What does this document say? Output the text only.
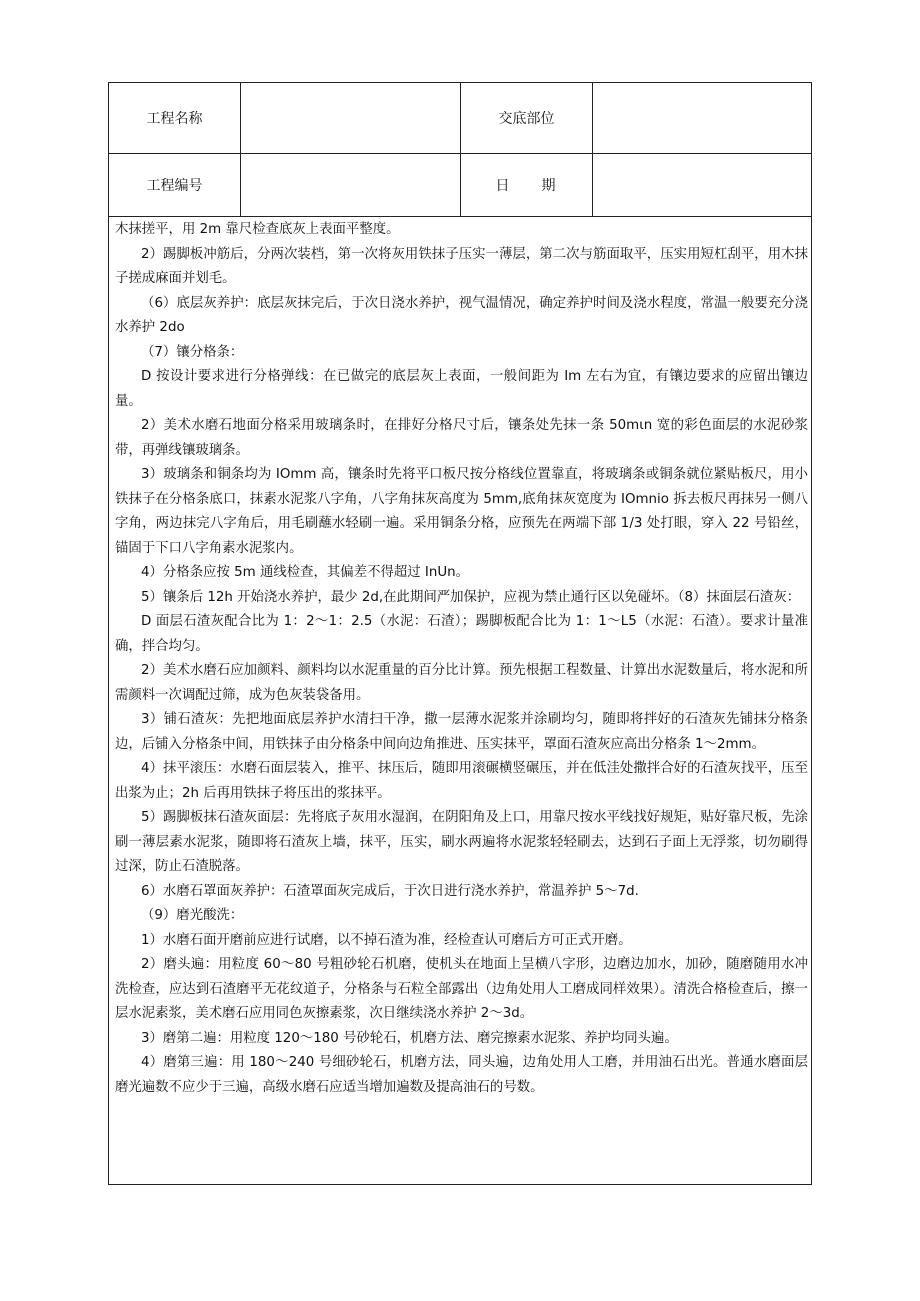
工程名称	交底部位
工程编号	日 期

木抹搓平，用 2m 靠尺检查底灰上表面平整度。

2）踢脚板冲筋后，分两次装档，第一次将灰用铁抹子压实一薄层，第二次与筋面取平，压实用短杠刮平，用木抹子搓成麻面并划毛。

（6）底层灰养护：底层灰抹完后，于次日浇水养护，视气温情况，确定养护时间及浇水程度，常温一般要充分浇水养护 2do

（7）镶分格条：

D 按设计要求进行分格弹线：在已做完的底层灰上表面，一般间距为 Im 左右为宜，有镶边要求的应留出镶边量。

2）美术水磨石地面分格采用玻璃条时，在排好分格尺寸后，镶条处先抹一条 50mιn 宽的彩色面层的水泥砂浆带，再弹线镶玻璃条。

3）玻璃条和铜条均为 IOmm 高，镶条时先将平口板尺按分格线位置靠直，将玻璃条或铜条就位紧贴板尺，用小铁抹子在分格条底口，抹素水泥浆八字角，八字角抹灰高度为 5mm,底角抹灰宽度为 IOmnio 拆去板尺再抹另一侧八字角，两边抹完八字角后，用毛刷蘸水轻刷一遍。采用铜条分格，应预先在两端下部 1/3 处打眼，穿入 22 号铅丝，锚固于下口八字角素水泥浆内。

4）分格条应按 5m 通线检查，其偏差不得超过 InUn。

5）镶条后 12h 开始浇水养护，最少 2d,在此期间严加保护，应视为禁止通行区以免碰坏。（8）抹面层石渣灰：

D 面层石渣灰配合比为 1：2～1：2.5（水泥：石渣）；踢脚板配合比为 1：1～L5（水泥：石渣）。要求计量准确，拌合均匀。

2）美术水磨石应加颜料、颜料均以水泥重量的百分比计算。预先根据工程数量、计算出水泥数量后，将水泥和所需颜料一次调配过筛，成为色灰装袋备用。

3）铺石渣灰：先把地面底层养护水清扫干净，撒一层薄水泥浆并涂刷均匀，随即将拌好的石渣灰先铺抹分格条边，后铺入分格条中间，用铁抹子由分格条中间向边角推进、压实抹平，罩面石渣灰应高出分格条 1～2mm。

4）抹平滚压：水磨石面层装入，推平、抹压后，随即用滚碾横竖碾压，并在低洼处撒拌合好的石渣灰找平，压至出浆为止；2h 后再用铁抹子将压出的浆抹平。

5）踢脚板抹石渣灰面层：先将底子灰用水湿润，在阴阳角及上口，用靠尺按水平线找好规矩，贴好靠尺板，先涂刷一薄层素水泥浆，随即将石渣灰上墙，抹平，压实，刷水两遍将水泥浆轻轻刷去，达到石子面上无浮浆，切勿刷得过深，防止石渣脱落。

6）水磨石罩面灰养护：石渣罩面灰完成后，于次日进行浇水养护，常温养护 5～7d.

（9）磨光酸洗：

1）水磨石面开磨前应进行试磨，以不掉石渣为准，经检查认可磨后方可正式开磨。

2）磨头遍：用粒度 60～80 号粗砂轮石机磨，使机头在地面上呈横八字形，边磨边加水，加砂，随磨随用水冲洗检查，应达到石渣磨平无花纹道子，分格条与石粒全部露出（边角处用人工磨成同样效果）。清洗合格检查后，擦一层水泥素浆，美术磨石应用同色灰擦素浆，次日继续浇水养护 2～3d。

3）磨第二遍：用粒度 120～180 号砂轮石，机磨方法、磨完擦素水泥浆、养护均同头遍。

4）磨第三遍：用 180～240 号细砂轮石，机磨方法，同头遍，边角处用人工磨，并用油石出光。普通水磨面层磨光遍数不应少于三遍，高级水磨石应适当增加遍数及提高油石的号数。
